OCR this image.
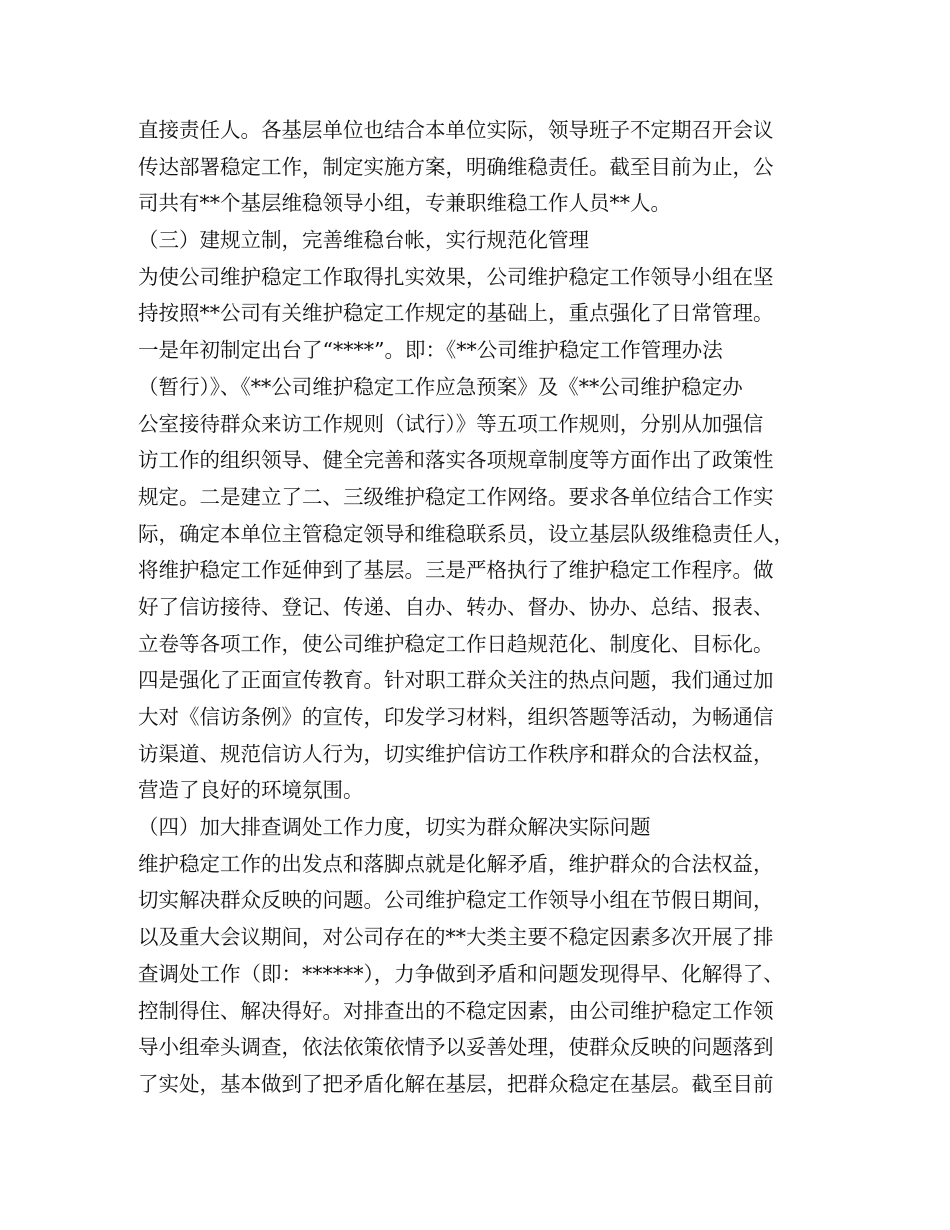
直接责任人。各基层单位也结合本单位实际，领导班子不定期召开会议
传达部署稳定工作，制定实施方案，明确维稳责任。截至目前为止，公
司共有**个基层维稳领导小组，专兼职维稳工作人员**人。
（三）建规立制，完善维稳台帐，实行规范化管理
为使公司维护稳定工作取得扎实效果，公司维护稳定工作领导小组在坚
持按照**公司有关维护稳定工作规定的基础上，重点强化了日常管理。
一是年初制定出台了“****”。即：《**公司维护稳定工作管理办法
（暂行）》、《**公司维护稳定工作应急预案》及《**公司维护稳定办
公室接待群众来访工作规则（试行）》等五项工作规则，分别从加强信
访工作的组织领导、健全完善和落实各项规章制度等方面作出了政策性
规定。二是建立了二、三级维护稳定工作网络。要求各单位结合工作实
际，确定本单位主管稳定领导和维稳联系员，设立基层队级维稳责任人，
将维护稳定工作延伸到了基层。三是严格执行了维护稳定工作程序。做
好了信访接待、登记、传递、自办、转办、督办、协办、总结、报表、
立卷等各项工作，使公司维护稳定工作日趋规范化、制度化、目标化。
四是强化了正面宣传教育。针对职工群众关注的热点问题，我们通过加
大对《信访条例》的宣传，印发学习材料，组织答题等活动，为畅通信
访渠道、规范信访人行为，切实维护信访工作秩序和群众的合法权益，
营造了良好的环境氛围。
（四）加大排查调处工作力度，切实为群众解决实际问题
维护稳定工作的出发点和落脚点就是化解矛盾，维护群众的合法权益，
切实解决群众反映的问题。公司维护稳定工作领导小组在节假日期间，
以及重大会议期间，对公司存在的**大类主要不稳定因素多次开展了排
查调处工作（即：******），力争做到矛盾和问题发现得早、化解得了、
控制得住、解决得好。对排查出的不稳定因素，由公司维护稳定工作领
导小组牵头调查，依法依策依情予以妥善处理，使群众反映的问题落到
了实处，基本做到了把矛盾化解在基层，把群众稳定在基层。截至目前
